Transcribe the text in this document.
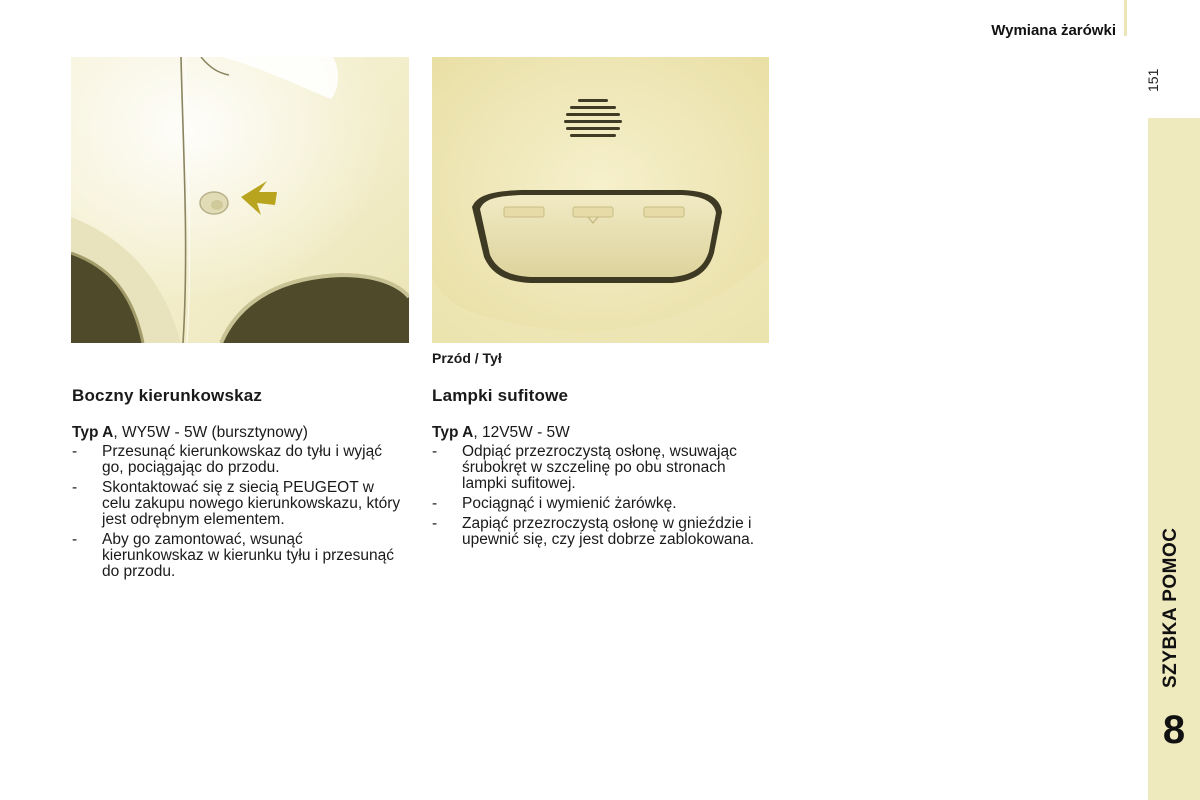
Wymiana żarówki
151
SZYBKA POMOC
8
Przód / Tył
Boczny kierunkowskaz

Typ A, WY5W - 5W (bursztynowy)

- Przesunąć kierunkowskaz do tyłu i wyjąć go, pociągając do przodu.
- Skontaktować się z siecią PEUGEOT w celu zakupu nowego kierunkowskazu, który jest odrębnym elementem.
- Aby go zamontować, wsunąć kierunkowskaz w kierunku tyłu i przesunąć do przodu.
Lampki sufitowe

Typ A, 12V5W - 5W

- Odpiąć przezroczystą osłonę, wsuwając śrubokręt w szczelinę po obu stronach lampki sufitowej.
- Pociągnąć i wymienić żarówkę.
- Zapiąć przezroczystą osłonę w gnieździe i upewnić się, czy jest dobrze zablokowana.
